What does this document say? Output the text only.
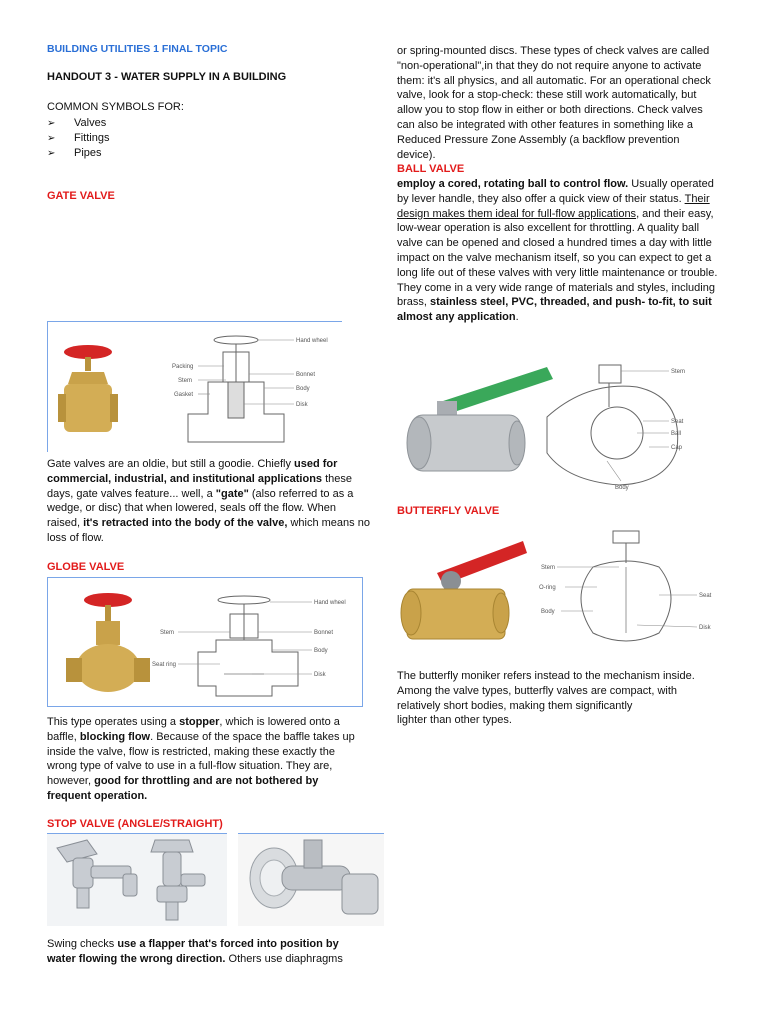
BUILDING UTILITIES 1 FINAL TOPIC
HANDOUT 3 - WATER SUPPLY IN A BUILDING
COMMON SYMBOLS FOR:
➢ Valves
➢ Fittings
➢ Pipes
GATE VALVE
Hand wheel
Bonnet
Body
Disk
Packing
Stem
Gasket
Gate valves are an oldie, but still a goodie. Chiefly used for commercial, industrial, and institutional applications these days, gate valves feature... well, a "gate" (also referred to as a wedge, or disc) that when lowered, seals off the flow. When raised, it's retracted into the body of the valve, which means no loss of flow.
GLOBE VALVE
Hand wheel
Bonnet
Body
Disk
Stem
Seat ring
This type operates using a stopper, which is lowered onto a baffle, blocking flow. Because of the space the baffle takes up inside the valve, flow is restricted, making these exactly the wrong type of valve to use in a full-flow situation. They are, however, good for throttling and are not bothered by frequent operation.
STOP VALVE (ANGLE/STRAIGHT)
Swing checks use a flapper that's forced into position by water flowing the wrong direction. Others use diaphragms
or spring-mounted discs. These types of check valves are called "non-operational",in that they do not require anyone to activate them: it's all physics, and all automatic. For an operational check valve, look for a stop-check: these still work automatically, but allow you to stop flow in either or both directions. Check valves can also be integrated with other features in something like a Reduced Pressure Zone Assembly (a backflow prevention device).
BALL VALVE
employ a cored, rotating ball to control flow. Usually operated by lever handle, they also offer a quick view of their status. Their design makes them ideal for full-flow applications, and their easy, low-wear operation is also excellent for throttling. A quality ball valve can be opened and closed a hundred times a day with little impact on the valve mechanism itself, so you can expect to get a long life out of these valves with very little maintenance or trouble. They come in a very wide range of materials and styles, including brass, stainless steel, PVC, threaded, and push- to-fit, to suit almost any application.
Stem
Seat
Ball
Cap
Body
BUTTERFLY VALVE
Stem
O-ring
Body
Seat
Disk
The butterfly moniker refers instead to the mechanism inside.
Among the valve types, butterfly valves are compact, with
relatively short bodies, making them significantly
lighter than other types.
